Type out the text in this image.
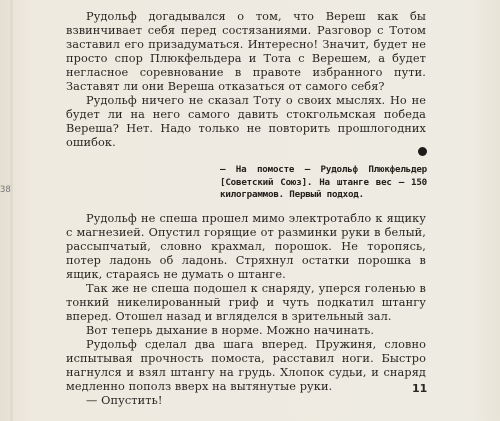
Рудольф догадывался о том, что Вереш как бы взвинчивает себя перед состязаниями. Разговор с Тотом заставил его призадуматься. Интересно! Значит, будет не просто спор Плюкфельдера и Тота с Верешем, а будет негласное соревнование в правоте избранного пути. Заставят ли они Вереша отказаться от самого себя?

Рудольф ничего не сказал Тоту о своих мыслях. Но не будет ли на него самого давить стокгольмская победа Вереша? Нет. Надо только не повторить прошлогодних ошибок.

— На помосте — Рудольф Плюкфельдер [Советский Союз]. На штанге вес — 150 килограммов. Первый подход.
38

Рудольф не спеша прошел мимо электротабло к ящику с магнезией. Опустил горящие от разминки руки в белый, рассыпчатый, словно крахмал, порошок. Не торопясь, потер ладонь об ладонь. Стряхнул остатки порошка в ящик, стараясь не думать о штанге.

Так же не спеша подошел к снаряду, уперся голенью в тонкий никелированный гриф и чуть подкатил штангу вперед. Отошел назад и вгляделся в зрительный зал.

Вот теперь дыхание в норме. Можно начинать.

Рудольф сделал два шага вперед. Пружиня, словно испытывая прочность помоста, расставил ноги. Быстро нагнулся и взял штангу на грудь. Хлопок судьи, и снаряд медленно пополз вверх на вытянутые руки.

— Опустить!

11
